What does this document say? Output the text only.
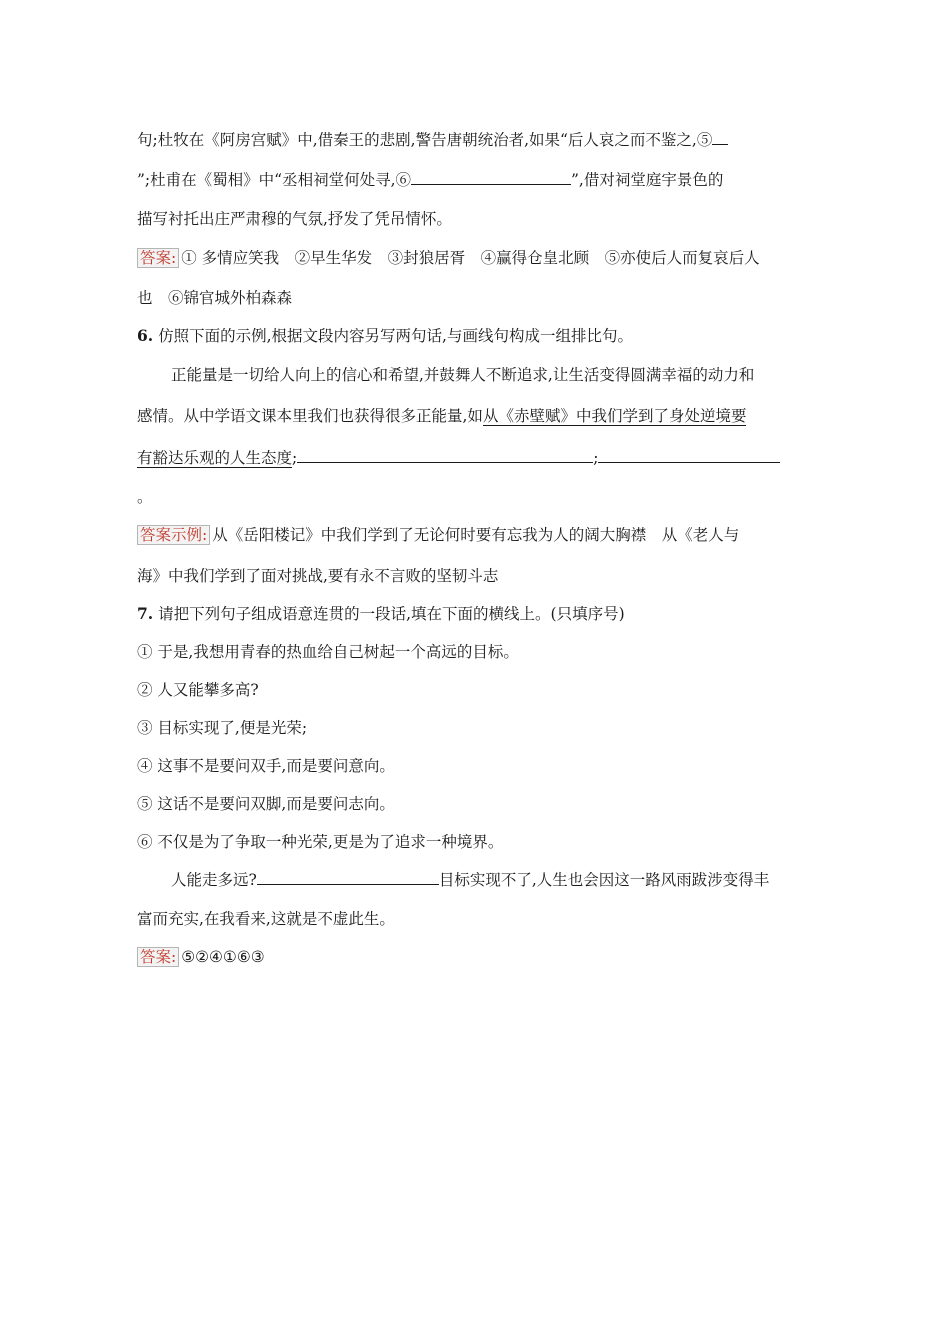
句;杜牧在《阿房宫赋》中,借秦王的悲剧,警告唐朝统治者,如果“后人哀之而不鉴之,⑤
”;杜甫在《蜀相》中“丞相祠堂何处寻,⑥	”,借对祠堂庭宇景色的
描写衬托出庄严肃穆的气氛,抒发了凭吊情怀。
答案: ① 多情应笑我　②早生华发　③封狼居胥　④赢得仓皇北顾　⑤亦使后人而复哀后人
也　⑥锦官城外柏森森
6. 仿照下面的示例,根据文段内容另写两句话,与画线句构成一组排比句。
正能量是一切给人向上的信心和希望,并鼓舞人不断追求,让生活变得圆满幸福的动力和
感情。从中学语文课本里我们也获得很多正能量,如从《赤壁赋》中我们学到了身处逆境要
有豁达乐观的人生态度;	;
。
答案示例: 从《岳阳楼记》中我们学到了无论何时要有忘我为人的阔大胸襟　从《老人与
海》中我们学到了面对挑战,要有永不言败的坚韧斗志
7. 请把下列句子组成语意连贯的一段话,填在下面的横线上。(只填序号)
① 于是,我想用青春的热血给自己树起一个高远的目标。
② 人又能攀多高?
③ 目标实现了,便是光荣;
④ 这事不是要问双手,而是要问意向。
⑤ 这话不是要问双脚,而是要问志向。
⑥ 不仅是为了争取一种光荣,更是为了追求一种境界。
人能走多远?	目标实现不了,人生也会因这一路风雨跋涉变得丰
富而充实,在我看来,这就是不虚此生。
答案: ⑤②④①⑥③
